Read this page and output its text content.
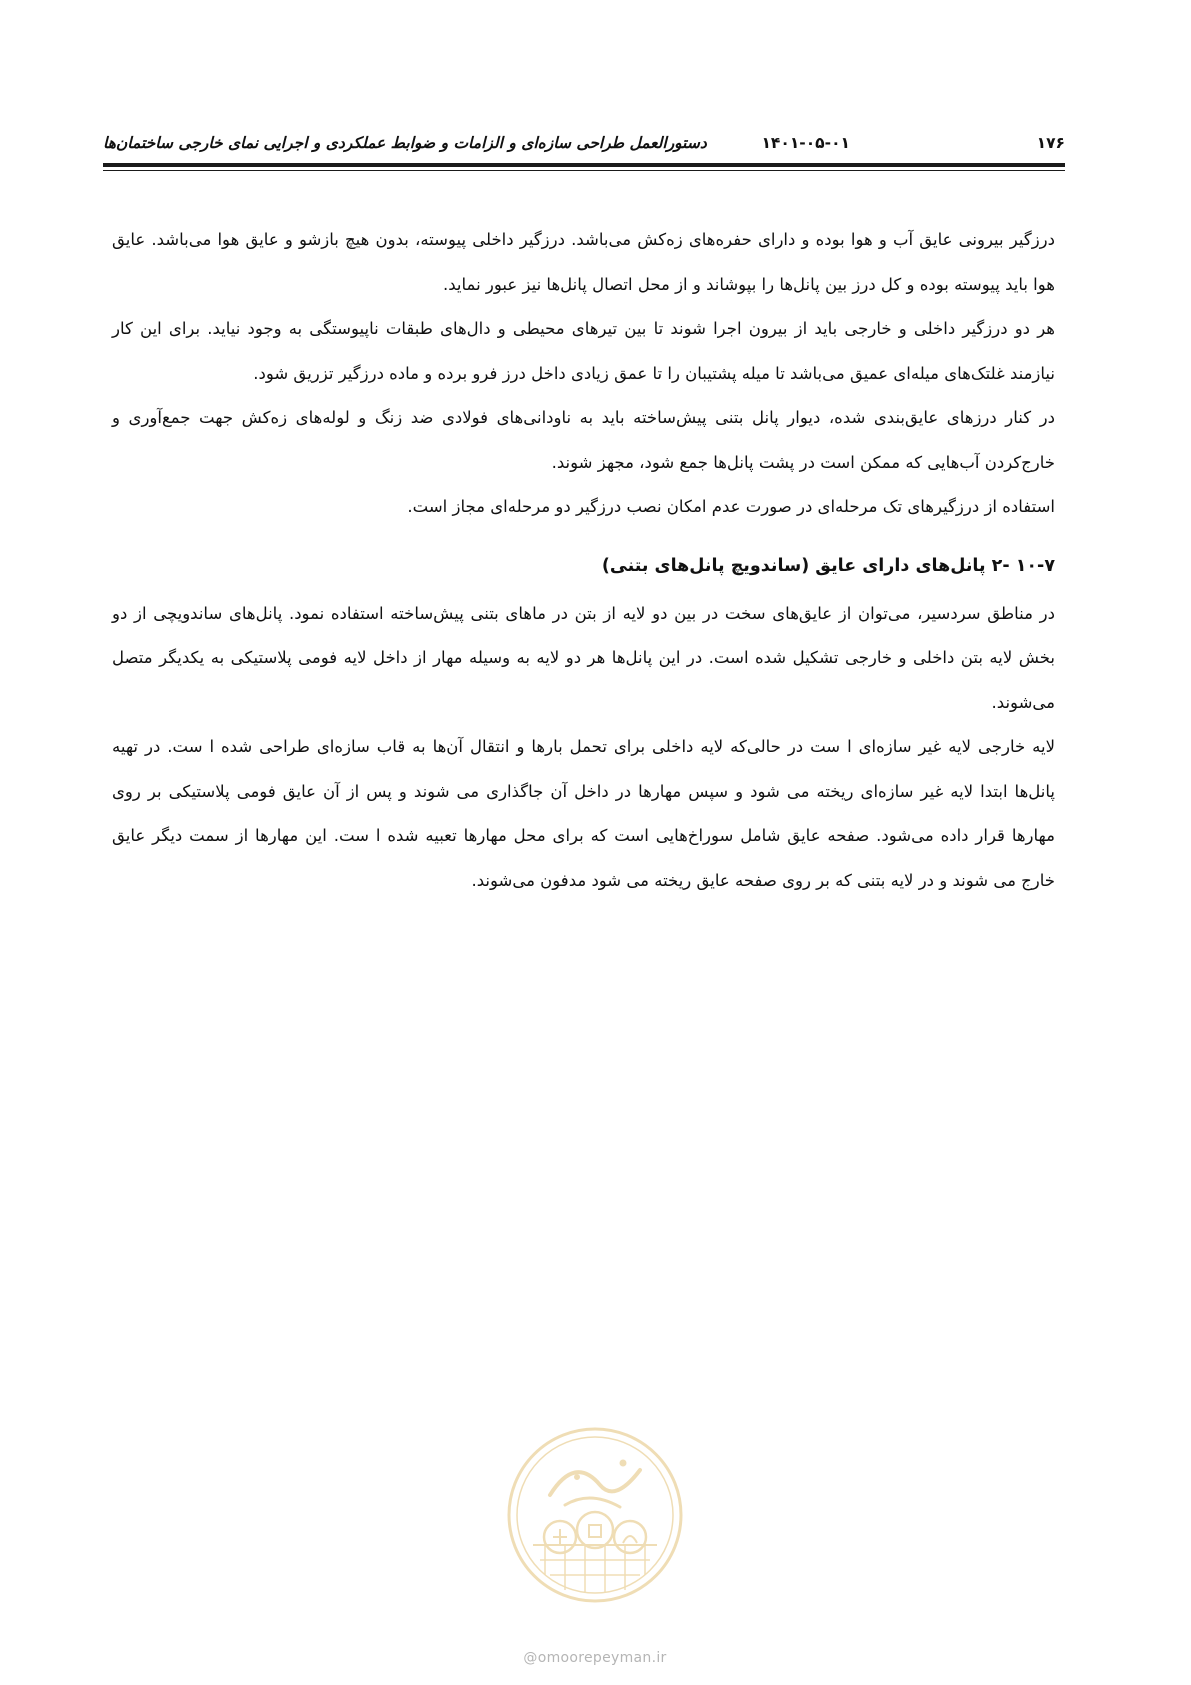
۱۷۶
۱۴۰۱-۰۵-۰۱
دستورالعمل طراحی سازه‌ای و الزامات و ضوابط عملکردی و اجرایی نمای خارجی ساختمان‌ها

درزگیر بیرونی عایق آب و هوا بوده و دارای حفره‌های زه‌کش می‌باشد. درزگیر داخلی پیوسته، بدون هیچ بازشو و عایق هوا می‌باشد. عایق هوا باید پیوسته بوده و کل درز بین پانل‌ها را بپوشاند و از محل اتصال پانل‌ها نیز عبور نماید.

هر دو درزگیر داخلی و خارجی باید از بیرون اجرا شوند تا بین تیرهای محیطی و دال‌های طبقات ناپیوستگی به وجود نیاید. برای این کار نیازمند غلتک‌های میله‌ای عمیق می‌باشد تا میله پشتیبان را تا عمق زیادی داخل درز فرو برده و ماده درزگیر تزریق شود.

در کنار درزهای عایق‌بندی شده، دیوار پانل بتنی پیش‌ساخته باید به ناودانی‌های فولادی ضد زنگ و لوله‌های زه‌کش جهت جمع‌آوری و خارج‌کردن آب‌هایی که ممکن است در پشت پانل‌ها جمع شود، مجهز شوند.

استفاده از درزگیرهای تک مرحله‌ای در صورت عدم امکان نصب درزگیر دو مرحله‌ای مجاز است.

۱۰-۷ -۲ پانل‌های دارای عایق (ساندویچ پانل‌های بتنی)

در مناطق سردسیر، می‌توان از عایق‌های سخت در بین دو لایه از بتن در ماهای بتنی پیش‌ساخته استفاده نمود. پانل‌های ساندویچی از دو بخش لایه بتن داخلی و خارجی تشکیل شده است. در این پانل‌ها هر دو لایه به وسیله مهار از داخل لایه فومی پلاستیکی به یکدیگر متصل می‌شوند.

لایه خارجی لایه غیر سازه‌ای ا ست در حالی‌که لایه داخلی برای تحمل بارها و انتقال آن‌ها به قاب سازه‌ای طراحی شده ا ست. در تهیه پانل‌ها ابتدا لایه غیر سازه‌ای ریخته می شود و سپس مهارها در داخل آن جاگذاری می شوند و پس از آن عایق فومی پلاستیکی بر روی مهارها قرار داده می‌شود. صفحه عایق شامل سوراخ‌هایی است که برای محل مهارها تعبیه شده ا ست. این مهارها از سمت دیگر عایق خارج می شوند و در لایه بتنی که بر روی صفحه عایق ریخته می شود مدفون می‌شوند.

@omoorepeyman.ir
